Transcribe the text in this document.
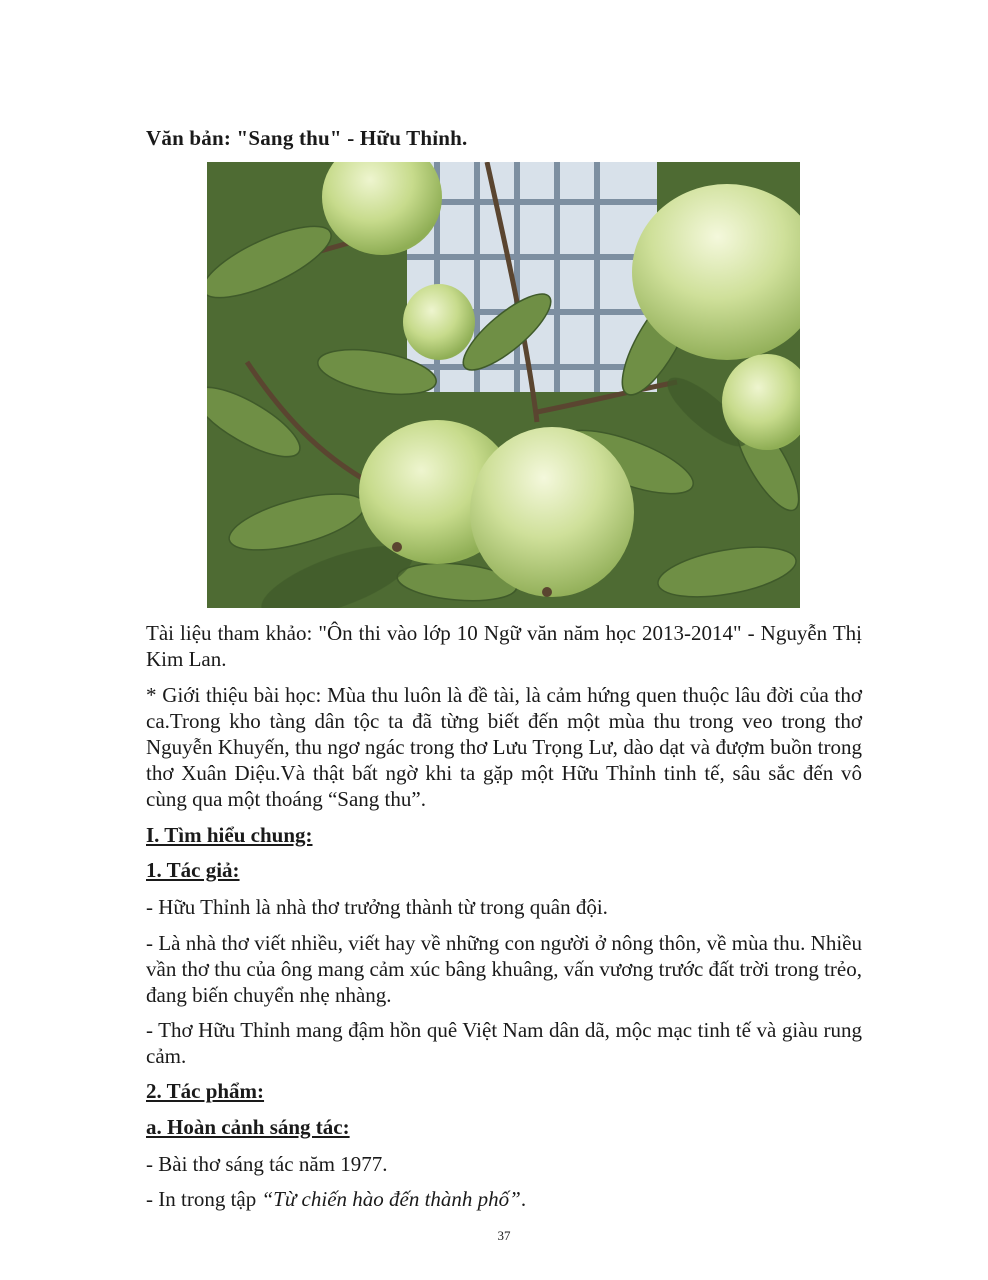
Văn bản: "Sang thu" - Hữu Thỉnh.
Tài liệu tham khảo: "Ôn thi vào lớp 10 Ngữ văn năm học 2013-2014" - Nguyễn Thị Kim Lan.
* Giới thiệu bài học: Mùa thu luôn là đề tài, là cảm hứng quen thuộc lâu đời của thơ ca.Trong kho tàng dân tộc ta đã từng biết đến một mùa thu trong veo trong thơ Nguyễn Khuyến, thu ngơ ngác trong thơ Lưu Trọng Lư, dào dạt và đượm buồn trong thơ Xuân Diệu.Và thật bất ngờ khi ta gặp một Hữu Thỉnh tinh tế, sâu sắc đến vô cùng qua một thoáng “Sang thu”.
I. Tìm hiểu chung:
1. Tác giả:
- Hữu Thỉnh là nhà thơ trưởng thành từ trong quân đội.
- Là nhà thơ viết nhiều, viết hay về những con người ở nông thôn, về mùa thu. Nhiều vần thơ thu của ông mang cảm xúc bâng khuâng, vấn vương trước đất trời trong trẻo, đang biến chuyển nhẹ nhàng.
- Thơ Hữu Thỉnh mang đậm hồn quê Việt Nam dân dã, mộc mạc tinh tế và giàu rung cảm.
2. Tác phẩm:
a. Hoàn cảnh sáng tác:
- Bài thơ sáng tác năm 1977.
- In trong tập “Từ chiến hào đến thành phố”.
37
